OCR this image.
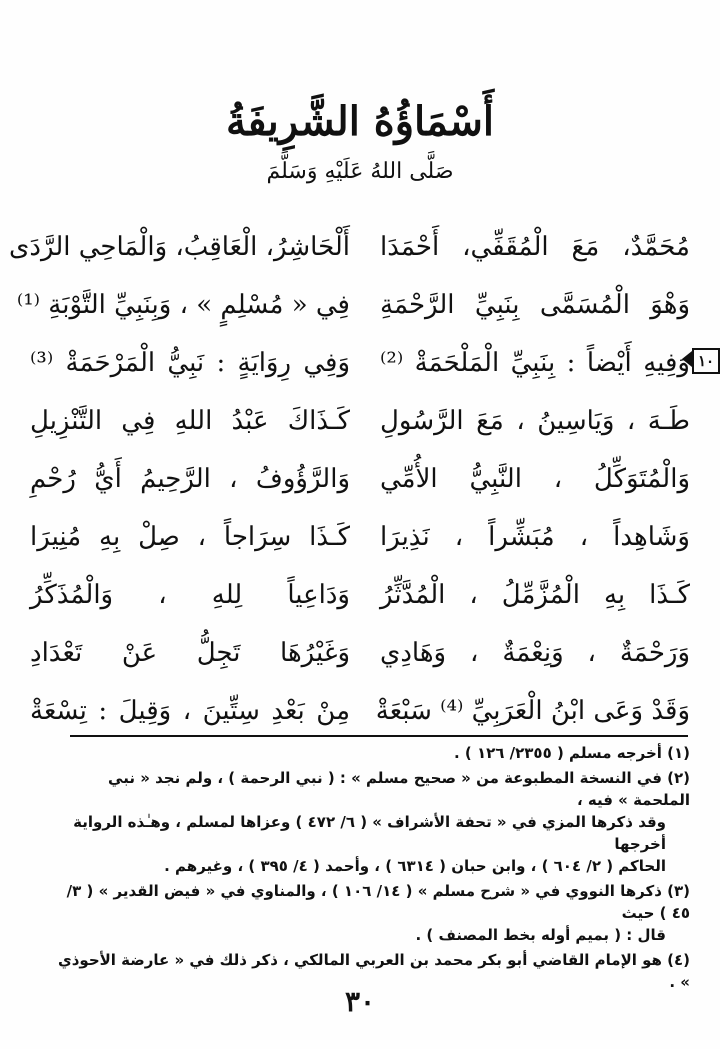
أَسْمَاؤُهُ الشَّرِيفَةُ
صَلَّى اللهُ عَلَيْهِ وَسَلَّمَ
١٠
مُحَمَّدٌ، مَعَ الْمُقَفِّي، أَحْمَدَا
أَلْحَاشِرُ، الْعَاقِبُ، وَالْمَاحِي الرَّدَى
وَهْوَ الْمُسَمَّى بِنَبِيِّ الرَّحْمَةِ
فِي « مُسْلِمٍ » ، وَبِنَبِيِّ التَّوْبَةِ ⁽¹⁾
وَفِيهِ أَيْضاً : بِنَبِيِّ الْمَلْحَمَةْ ⁽²⁾
وَفِي رِوَايَةٍ : نَبِيُّ الْمَرْحَمَةْ ⁽³⁾
طَـهَ ، وَيَاسِينُ ، مَعَ الرَّسُولِ
كَـذَاكَ عَبْدُ اللهِ فِي التَّنْزِيلِ
وَالْمُتَوَكِّلُ ، النَّبِيُّ الأُمِّي
وَالرَّؤُوفُ ، الرَّحِيمُ أَيُّ رُحْمِ
وَشَاهِداً ، مُبَشِّراً ، نَذِيرَا
كَـذَا سِرَاجاً ، صِلْ بِهِ مُنِيرَا
كَـذَا بِهِ الْمُزَّمِّلُ ، الْمُدَّثِّرُ
وَدَاعِياً لِلهِ ، وَالْمُذَكِّرُ
وَرَحْمَةٌ ، وَنِعْمَةٌ ، وَهَادِي
وَغَيْرُهَا تَجِلُّ عَنْ تَعْدَادِ
وَقَدْ وَعَى ابْنُ الْعَرَبِيِّ ⁽⁴⁾ سَبْعَةْ
مِنْ بَعْدِ سِتِّينَ ، وَقِيلَ : تِسْعَةْ
(١) أخرجه مسلم ( ٢٣٥٥/ ١٢٦ ) .
(٢) في النسخة المطبوعة من « صحيح مسلم » : ( نبي الرحمة ) ، ولم نجد « نبي الملحمة » فيه ،
وقد ذكرها المزي في « تحفة الأشراف » ( ٦/ ٤٧٢ ) وعزاها لمسلم ، وهـٰذه الرواية أخرجها
الحاكم ( ٢/ ٦٠٤ ) ، وابن حبان ( ٦٣١٤ ) ، وأحمد ( ٤/ ٣٩٥ ) ، وغيرهم .
(٣) ذكرها النووي في « شرح مسلم » ( ١٤/ ١٠٦ ) ، والمناوي في « فيض القدير » ( ٣/ ٤٥ ) حيث
قال : ( بميم أوله بخط المصنف ) .
(٤) هو الإمام القاضي أبو بكر محمد بن العربي المالكي ، ذكر ذلك في « عارضة الأحوذي » .
٣٠
